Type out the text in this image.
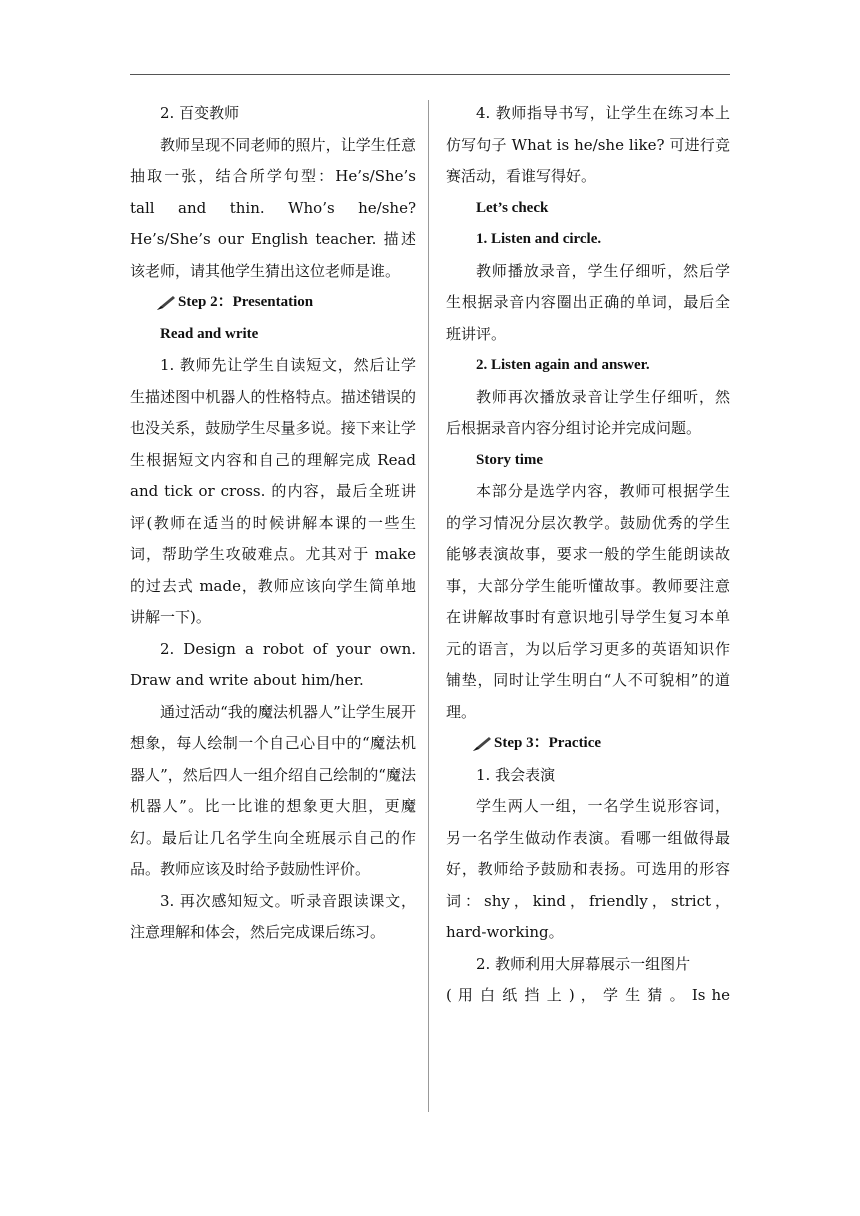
2. 百变教师

教师呈现不同老师的照片，让学生任意抽取一张，结合所学句型：He’s/She’s tall and thin. Who’s he/she? He’s/She’s our English teacher. 描述该老师，请其他学生猜出这位老师是谁。

Step 2：Presentation

Read and write

1. 教师先让学生自读短文，然后让学生描述图中机器人的性格特点。描述错误的也没关系，鼓励学生尽量多说。接下来让学生根据短文内容和自己的理解完成 Read and tick or cross. 的内容，最后全班讲评(教师在适当的时候讲解本课的一些生词，帮助学生攻破难点。尤其对于 make 的过去式 made，教师应该向学生简单地讲解一下)。

2. Design a robot of your own. Draw and write about him/her.

通过活动“我的魔法机器人”让学生展开想象，每人绘制一个自己心目中的“魔法机器人”，然后四人一组介绍自己绘制的“魔法机器人”。比一比谁的想象更大胆，更魔幻。最后让几名学生向全班展示自己的作品。教师应该及时给予鼓励性评价。

3. 再次感知短文。听录音跟读课文，注意理解和体会，然后完成课后练习。

4. 教师指导书写，让学生在练习本上仿写句子 What is he/she like? 可进行竞赛活动，看谁写得好。

Let’s check

1. Listen and circle.

教师播放录音，学生仔细听，然后学生根据录音内容圈出正确的单词，最后全班讲评。

2. Listen again and answer.

教师再次播放录音让学生仔细听，然后根据录音内容分组讨论并完成问题。

Story time

本部分是选学内容，教师可根据学生的学习情况分层次教学。鼓励优秀的学生能够表演故事，要求一般的学生能朗读故事，大部分学生能听懂故事。教师要注意在讲解故事时有意识地引导学生复习本单元的语言，为以后学习更多的英语知识作铺垫，同时让学生明白“人不可貌相”的道理。

Step 3：Practice

1. 我会表演

学生两人一组，一名学生说形容词，另一名学生做动作表演。看哪一组做得最好，教师给予鼓励和表扬。可选用的形容词：shy，kind，friendly，strict，hard-working。

2. 教师利用大屏幕展示一组图片

( 用 白 纸 挡 上 ) ， 学 生 猜 。 Is he
